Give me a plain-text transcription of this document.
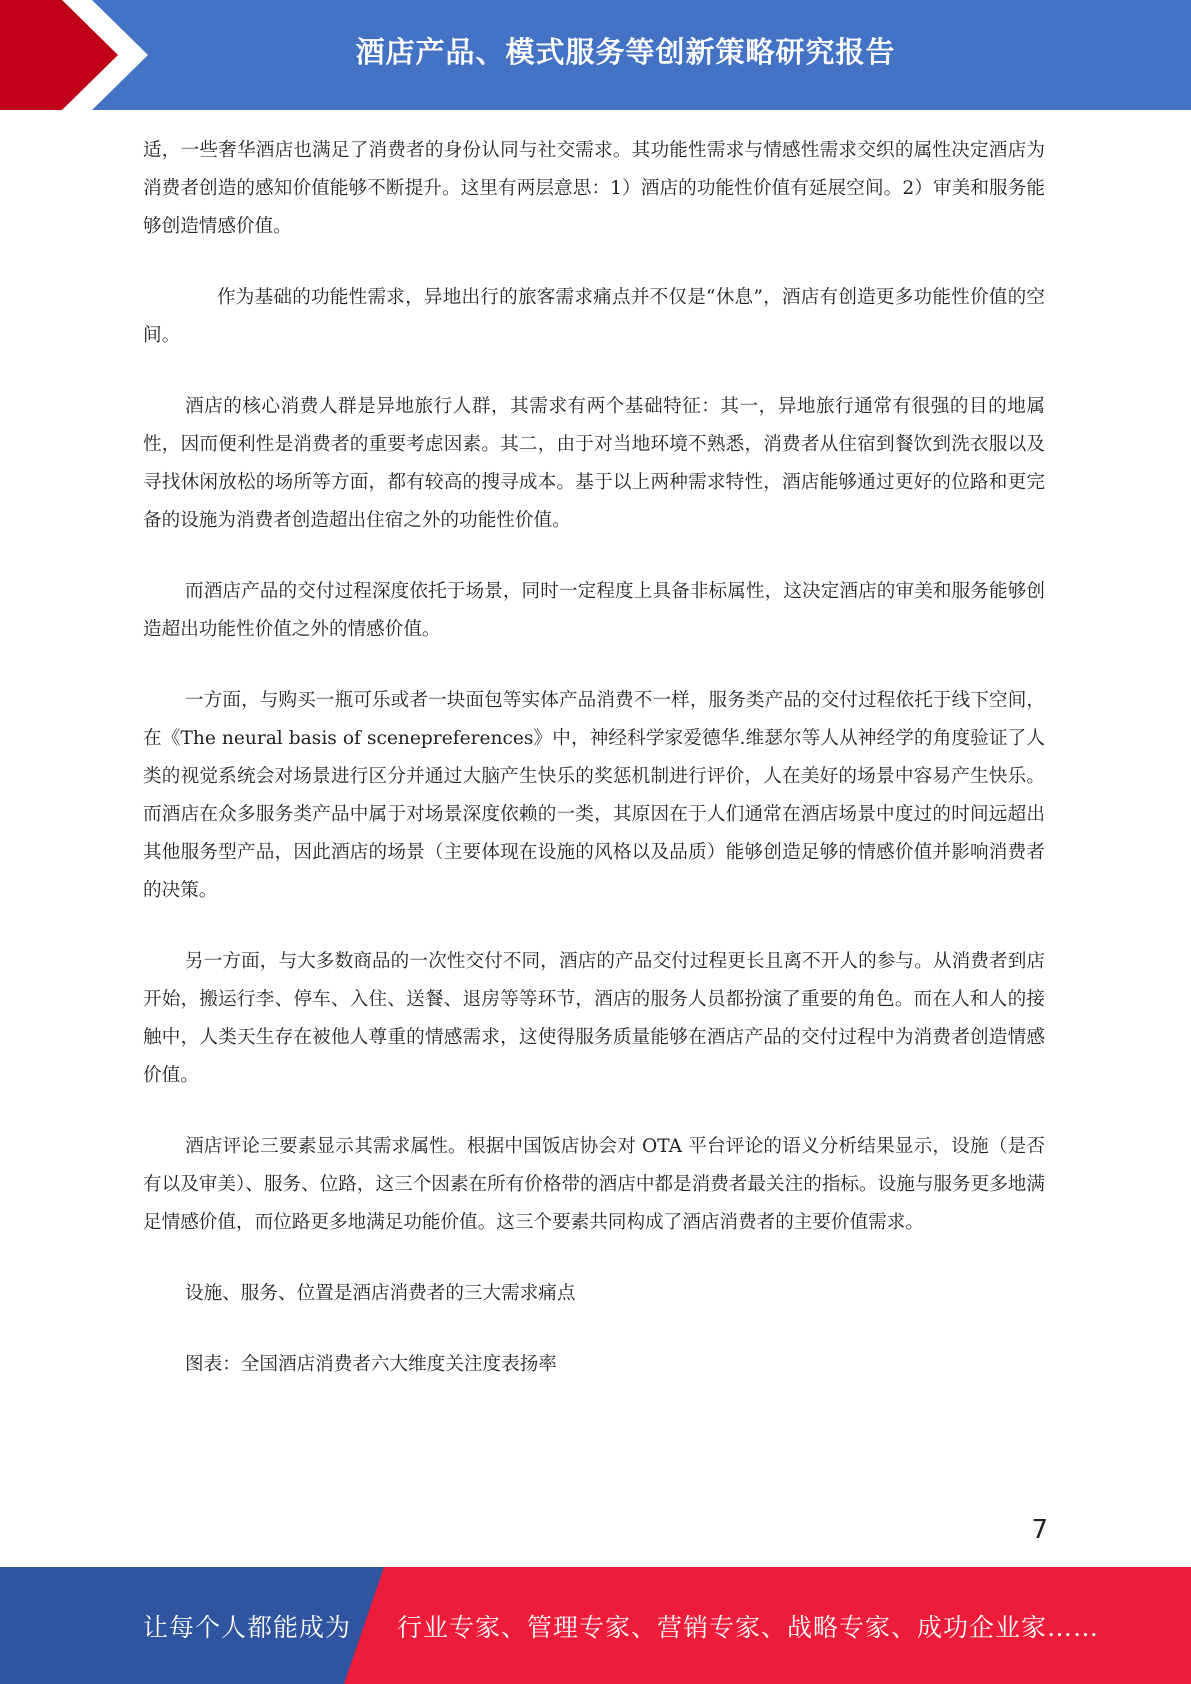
酒店产品、模式服务等创新策略研究报告

适，一些奢华酒店也满足了消费者的身份认同与社交需求。其功能性需求与情感性需求交织的属性决定酒店为消费者创造的感知价值能够不断提升。这里有两层意思：1）酒店的功能性价值有延展空间。2）审美和服务能够创造情感价值。

作为基础的功能性需求，异地出行的旅客需求痛点并不仅是“休息”，酒店有创造更多功能性价值的空间。

酒店的核心消费人群是异地旅行人群，其需求有两个基础特征：其一，异地旅行通常有很强的目的地属性，因而便利性是消费者的重要考虑因素。其二，由于对当地环境不熟悉，消费者从住宿到餐饮到洗衣服以及寻找休闲放松的场所等方面，都有较高的搜寻成本。基于以上两种需求特性，酒店能够通过更好的位路和更完备的设施为消费者创造超出住宿之外的功能性价值。

而酒店产品的交付过程深度依托于场景，同时一定程度上具备非标属性，这决定酒店的审美和服务能够创造超出功能性价值之外的情感价值。

一方面，与购买一瓶可乐或者一块面包等实体产品消费不一样，服务类产品的交付过程依托于线下空间，在《The neural basis of scenepreferences》中，神经科学家爱德华.维瑟尔等人从神经学的角度验证了人类的视觉系统会对场景进行区分并通过大脑产生快乐的奖惩机制进行评价，人在美好的场景中容易产生快乐。而酒店在众多服务类产品中属于对场景深度依赖的一类，其原因在于人们通常在酒店场景中度过的时间远超出其他服务型产品，因此酒店的场景（主要体现在设施的风格以及品质）能够创造足够的情感价值并影响消费者的决策。

另一方面，与大多数商品的一次性交付不同，酒店的产品交付过程更长且离不开人的参与。从消费者到店开始，搬运行李、停车、入住、送餐、退房等等环节，酒店的服务人员都扮演了重要的角色。而在人和人的接触中，人类天生存在被他人尊重的情感需求，这使得服务质量能够在酒店产品的交付过程中为消费者创造情感价值。

酒店评论三要素显示其需求属性。根据中国饭店协会对 OTA 平台评论的语义分析结果显示，设施（是否有以及审美）、服务、位路，这三个因素在所有价格带的酒店中都是消费者最关注的指标。设施与服务更多地满足情感价值，而位路更多地满足功能价值。这三个要素共同构成了酒店消费者的主要价值需求。

设施、服务、位置是酒店消费者的三大需求痛点

图表：全国酒店消费者六大维度关注度表扬率

7
让每个人都能成为 行业专家、管理专家、营销专家、战略专家、成功企业家……
